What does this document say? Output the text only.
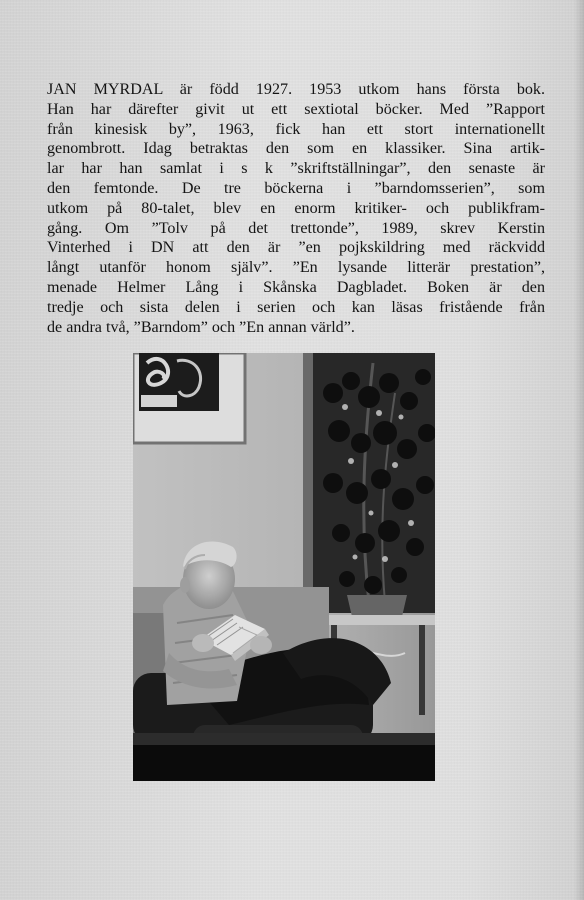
JAN MYRDAL är född 1927. 1953 utkom hans första bok.
Han har därefter givit ut ett sextiotal böcker. Med ”Rapport
från kinesisk by”, 1963, fick han ett stort internationellt
genombrott. Idag betraktas den som en klassiker. Sina artik-
lar har han samlat i s k ”skriftställningar”, den senaste är
den femtonde. De tre böckerna i ”barndomsserien”, som
utkom på 80-talet, blev en enorm kritiker- och publikfram-
gång. Om ”Tolv på det trettonde”, 1989, skrev Kerstin
Vinterhed i DN att den är ”en pojkskildring med räckvidd
långt utanför honom själv”. ”En lysande litterär prestation”,
menade Helmer Lång i Skånska Dagbladet. Boken är den
tredje och sista delen i serien och kan läsas fristående från
de andra två, ”Barndom” och ”En annan värld”.
